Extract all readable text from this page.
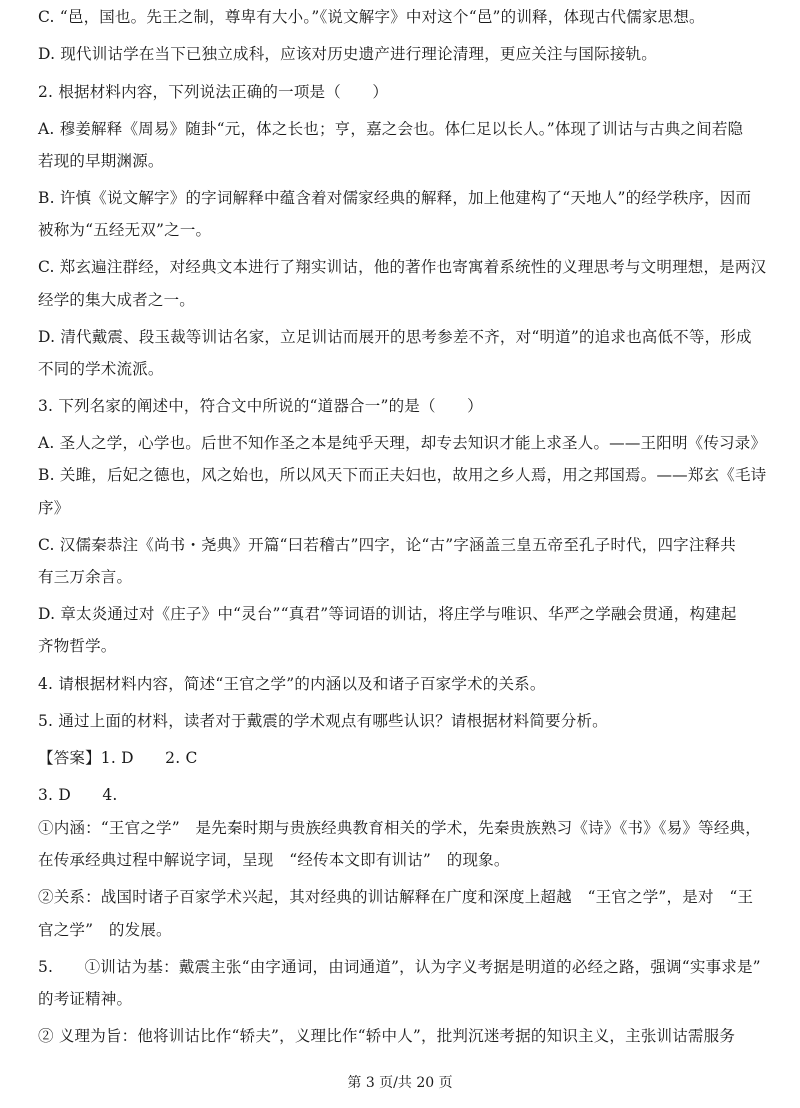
C. “邑，国也。先王之制，尊卑有大小。”《说文解字》中对这个“邑”的训释，体现古代儒家思想。
D. 现代训诂学在当下已独立成科，应该对历史遗产进行理论清理，更应关注与国际接轨。
2. 根据材料内容，下列说法正确的一项是（　　）
A. 穆姜解释《周易》随卦“元，体之长也；亨，嘉之会也。体仁足以长人。”体现了训诂与古典之间若隐
若现的早期渊源。
B. 许慎《说文解字》的字词解释中蕴含着对儒家经典的解释，加上他建构了“天地人”的经学秩序，因而
被称为“五经无双”之一。
C. 郑玄遍注群经，对经典文本进行了翔实训诂，他的著作也寄寓着系统性的义理思考与文明理想，是两汉
经学的集大成者之一。
D. 清代戴震、段玉裁等训诂名家，立足训诂而展开的思考参差不齐，对“明道”的追求也高低不等，形成
不同的学术流派。
3. 下列名家的阐述中，符合文中所说的“道器合一”的是（　　）
A. 圣人之学，心学也。后世不知作圣之本是纯乎天理，却专去知识才能上求圣人。——王阳明《传习录》
B. 关雎，后妃之德也，风之始也，所以风天下而正夫妇也，故用之乡人焉，用之邦国焉。——郑玄《毛诗
序》
C. 汉儒秦恭注《尚书・尧典》开篇“曰若稽古”四字，论“古”字涵盖三皇五帝至孔子时代，四字注释共
有三万余言。
D. 章太炎通过对《庄子》中“灵台”“真君”等词语的训诂，将庄学与唯识、华严之学融会贯通，构建起
齐物哲学。
4. 请根据材料内容，简述“王官之学”的内涵以及和诸子百家学术的关系。
5. 通过上面的材料，读者对于戴震的学术观点有哪些认识？请根据材料简要分析。
【答案】1. D　　2. C
3. D　　4.
①内涵：“王官之学”　是先秦时期与贵族经典教育相关的学术，先秦贵族熟习《诗》《书》《易》等经典，
在传承经典过程中解说字词，呈现　“经传本文即有训诂”　的现象。
②关系：战国时诸子百家学术兴起，其对经典的训诂解释在广度和深度上超越　“王官之学”，是对　“王
官之学”　的发展。
5.　　①训诂为基：戴震主张“由字通词，由词通道”，认为字义考据是明道的必经之路，强调“实事求是”
的考证精神。
② 义理为旨：他将训诂比作“轿夫”，义理比作“轿中人”，批判沉迷考据的知识主义，主张训诂需服务
第 3 页/共 20 页
